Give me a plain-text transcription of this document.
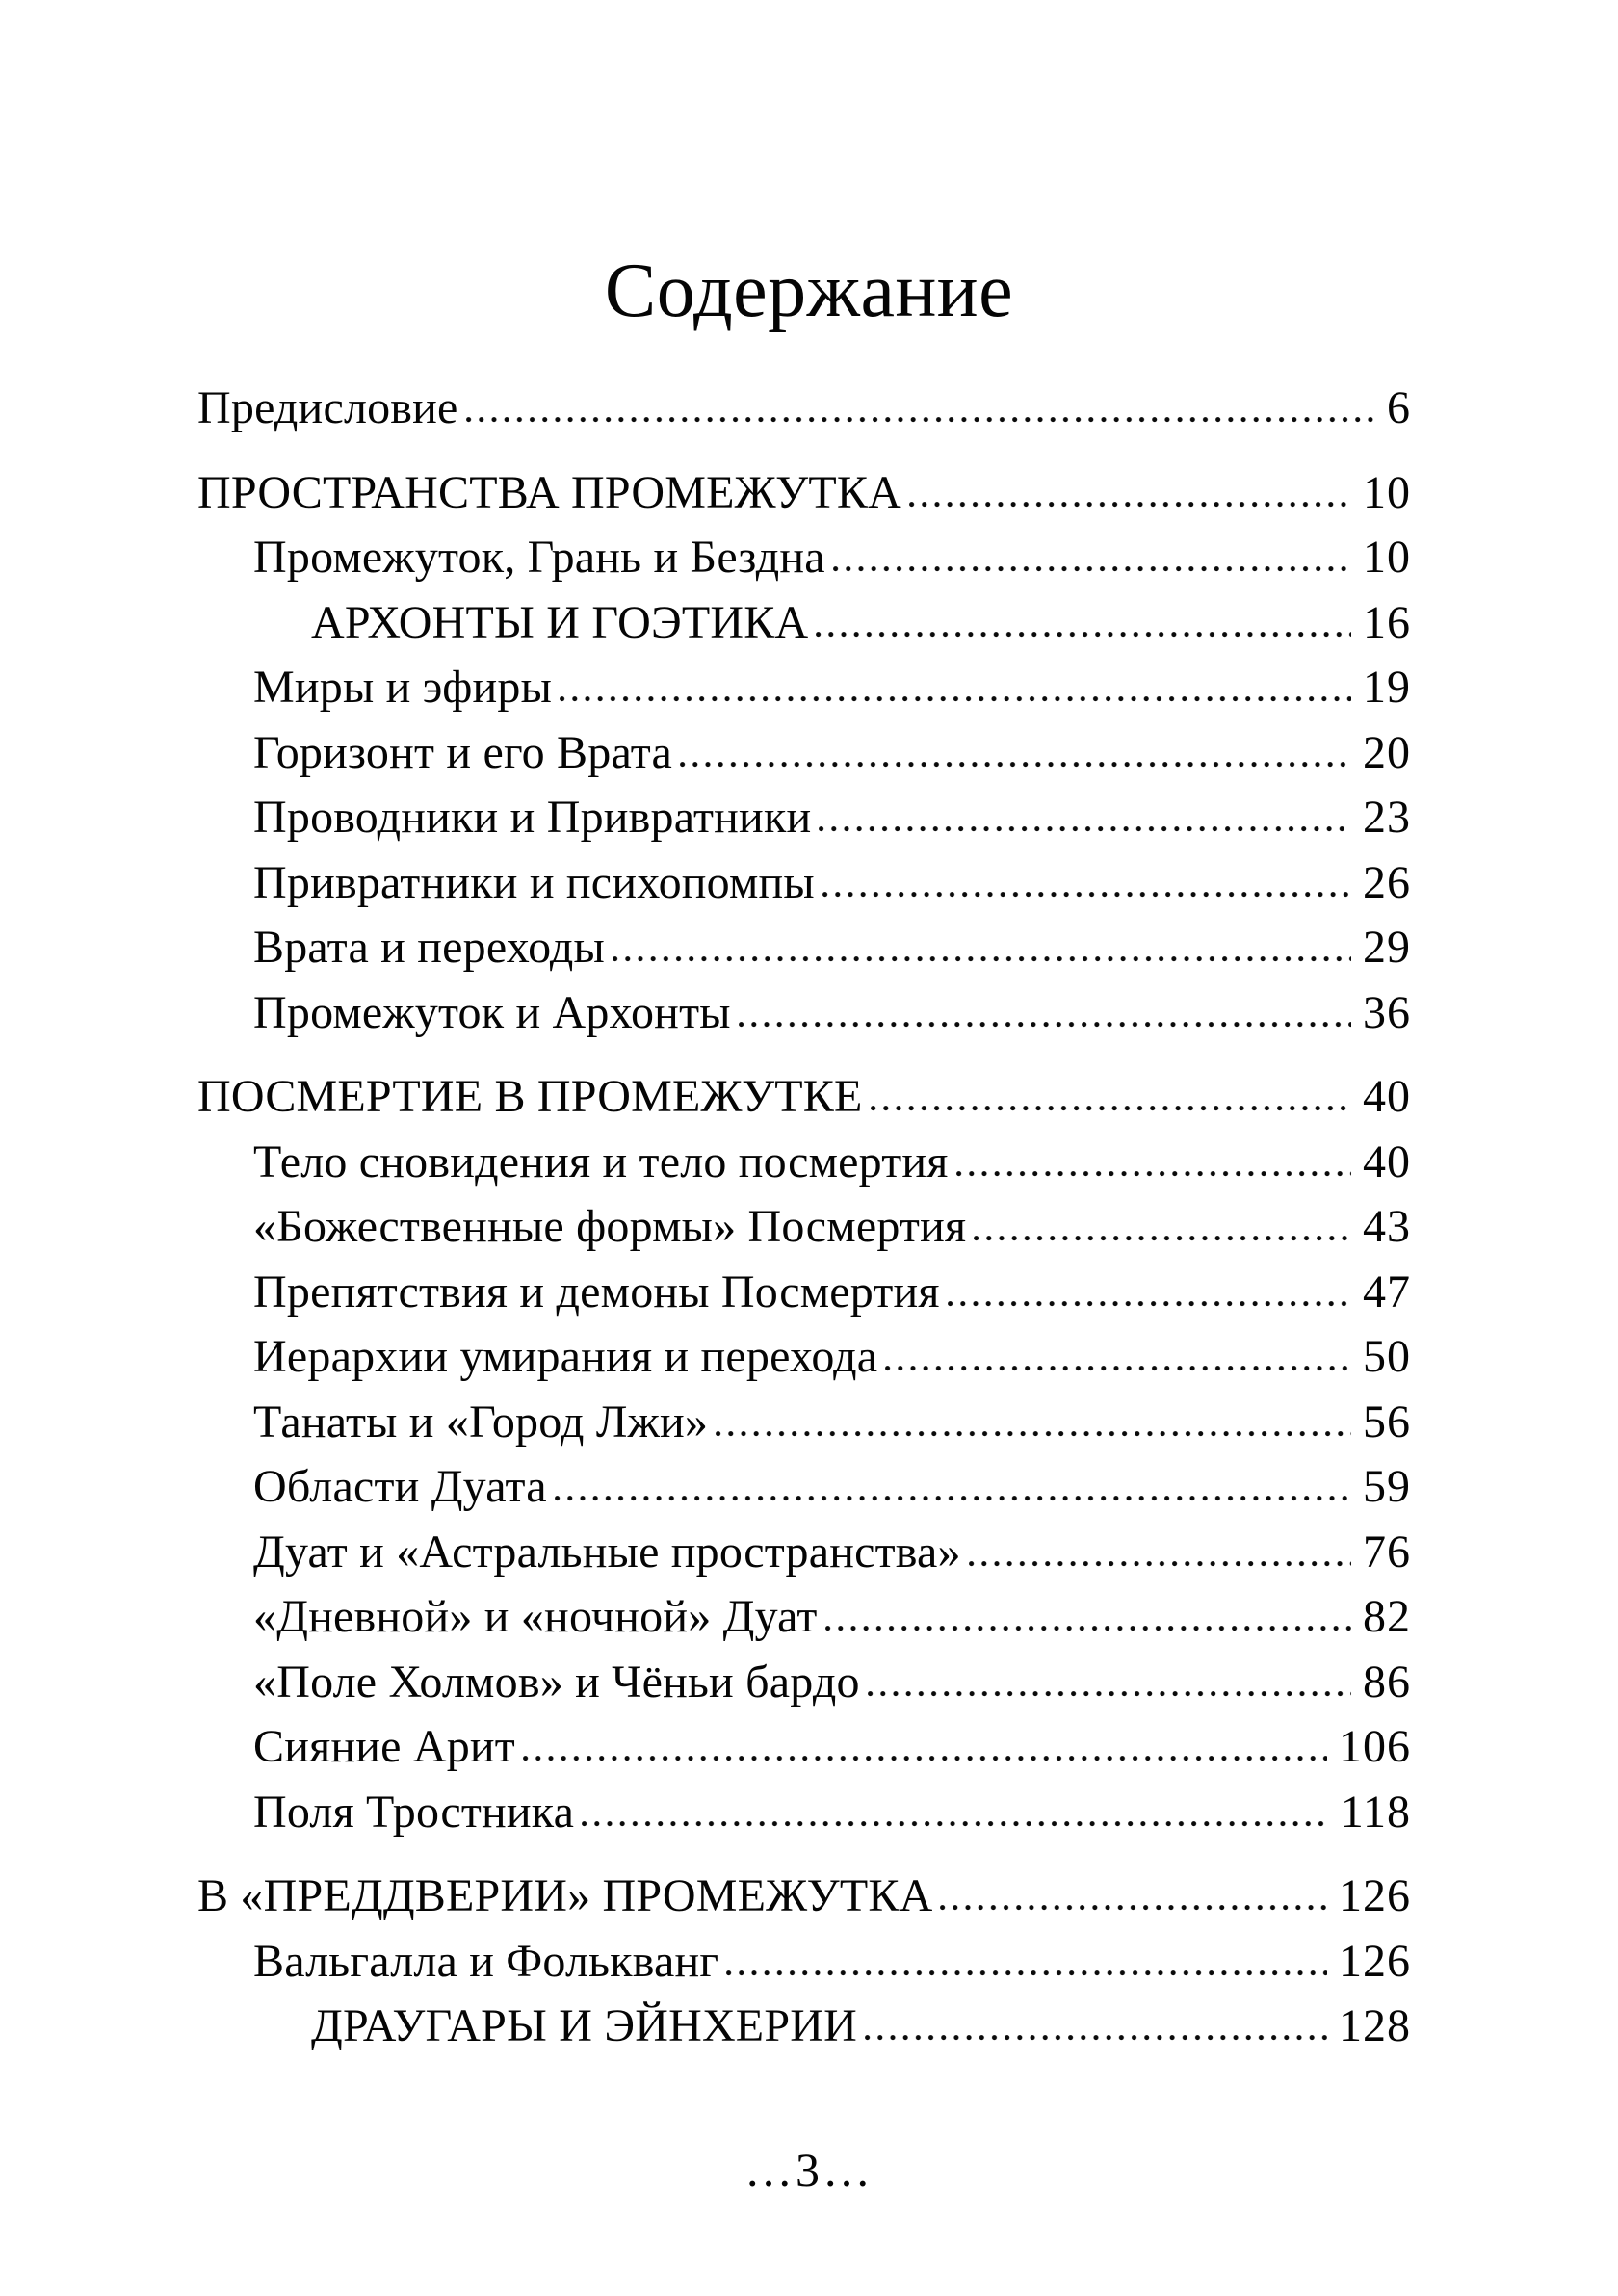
Содержание
Предисловие	6
ПРОСТРАНСТВА ПРОМЕЖУТКА	10
Промежуток, Грань и Бездна	10
АРХОНТЫ И ГОЭТИКА	16
Миры и эфиры	19
Горизонт и его Врата	20
Проводники и Привратники	23
Привратники и психопомпы	26
Врата и переходы	29
Промежуток и Архонты	36
ПОСМЕРТИЕ В ПРОМЕЖУТКЕ	40
Тело сновидения и тело посмертия	40
«Божественные формы» Посмертия	43
Препятствия и демоны Посмертия	47
Иерархии умирания и перехода	50
Танаты и «Город Лжи»	56
Области Дуата	59
Дуат и «Астральные пространства»	76
«Дневной» и «ночной» Дуат	82
«Поле Холмов» и Чёньи бардо	86
Сияние Арит	106
Поля Тростника	118
В «ПРЕДДВЕРИИ» ПРОМЕЖУТКА	126
Вальгалла и Фолькванг	126
ДРАУГАРЫ И ЭЙНХЕРИИ	128
…3…
